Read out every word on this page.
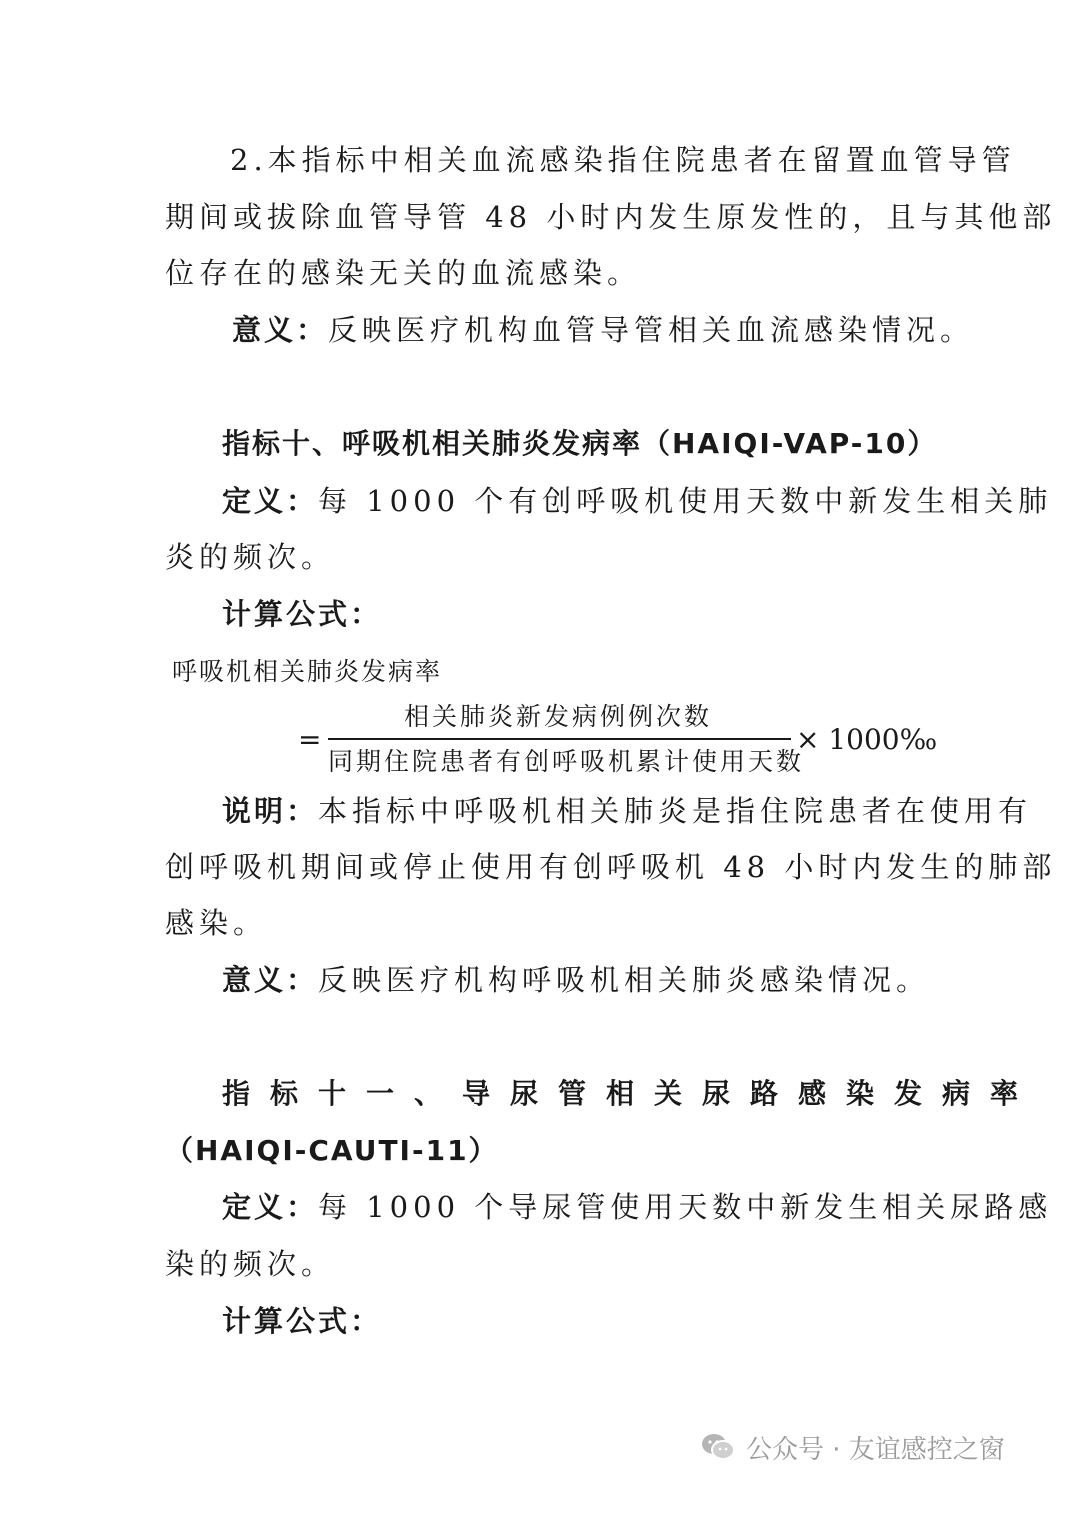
2.本指标中相关血流感染指住院患者在留置血管导管
期间或拔除血管导管 48 小时内发生原发性的，且与其他部
位存在的感染无关的血流感染。
意义：反映医疗机构血管导管相关血流感染情况。
指标十、呼吸机相关肺炎发病率（HAIQI-VAP-10）
定义：每 1000 个有创呼吸机使用天数中新发生相关肺
炎的频次。
计算公式：
呼吸机相关肺炎发病率
=
相关肺炎新发病例例次数
同期住院患者有创呼吸机累计使用天数
× 1000‰
说明：本指标中呼吸机相关肺炎是指住院患者在使用有
创呼吸机期间或停止使用有创呼吸机 48 小时内发生的肺部
感染。
意义：反映医疗机构呼吸机相关肺炎感染情况。
指标十一、导尿管相关尿路感染发病率
（HAIQI-CAUTI-11）
定义：每 1000 个导尿管使用天数中新发生相关尿路感
染的频次。
计算公式：
公众号 · 友谊感控之窗
